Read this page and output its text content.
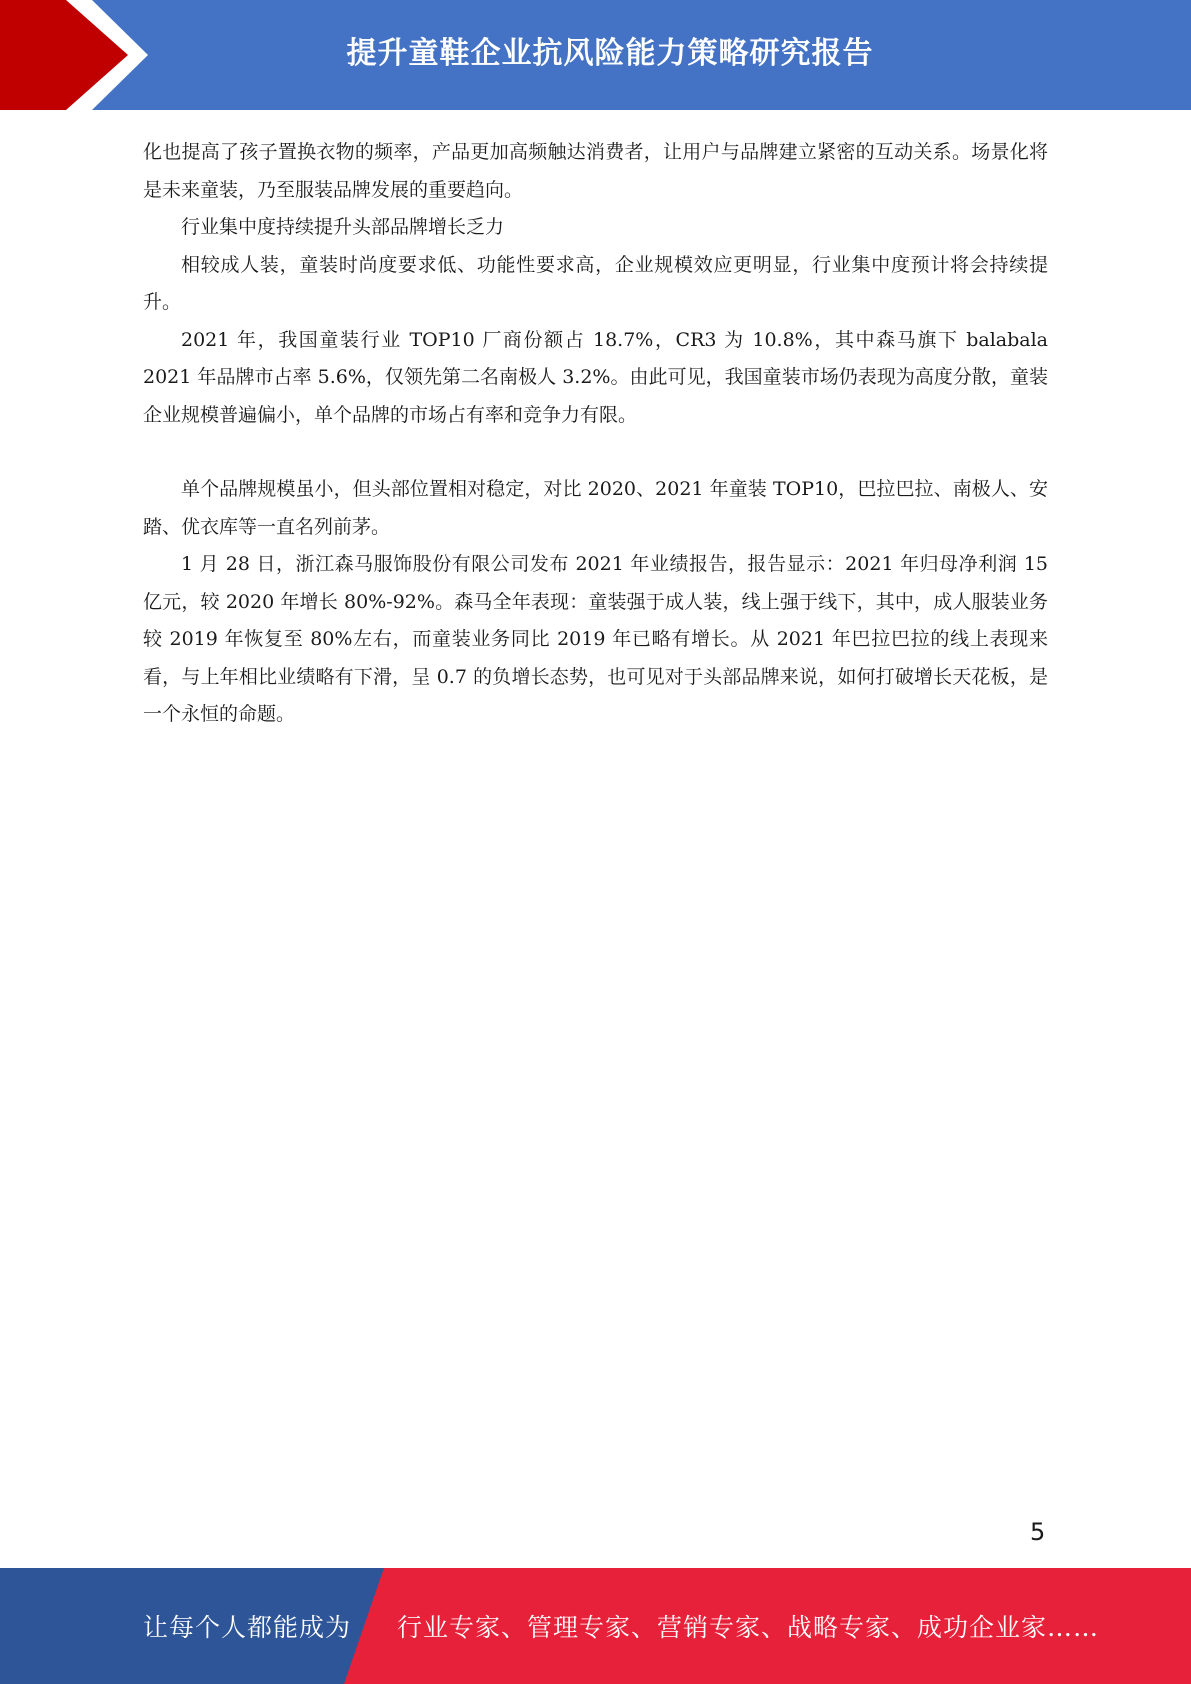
提升童鞋企业抗风险能力策略研究报告

化也提高了孩子置换衣物的频率，产品更加高频触达消费者，让用户与品牌建立紧密的互动关系。场景化将是未来童装，乃至服装品牌发展的重要趋向。

行业集中度持续提升头部品牌增长乏力

相较成人装，童装时尚度要求低、功能性要求高，企业规模效应更明显，行业集中度预计将会持续提升。

2021 年，我国童装行业 TOP10 厂商份额占 18.7%，CR3 为 10.8%，其中森马旗下 balabala 2021 年品牌市占率 5.6%，仅领先第二名南极人 3.2%。由此可见，我国童装市场仍表现为高度分散，童装企业规模普遍偏小，单个品牌的市场占有率和竞争力有限。

单个品牌规模虽小，但头部位置相对稳定，对比 2020、2021 年童装 TOP10，巴拉巴拉、南极人、安踏、优衣库等一直名列前茅。

1 月 28 日，浙江森马服饰股份有限公司发布 2021 年业绩报告，报告显示：2021 年归母净利润 15 亿元，较 2020 年增长 80%-92%。森马全年表现：童装强于成人装，线上强于线下，其中，成人服装业务较 2019 年恢复至 80%左右，而童装业务同比 2019 年已略有增长。从 2021 年巴拉巴拉的线上表现来看，与上年相比业绩略有下滑，呈 0.7 的负增长态势，也可见对于头部品牌来说，如何打破增长天花板，是一个永恒的命题。

5
让每个人都能成为 行业专家、管理专家、营销专家、战略专家、成功企业家……
